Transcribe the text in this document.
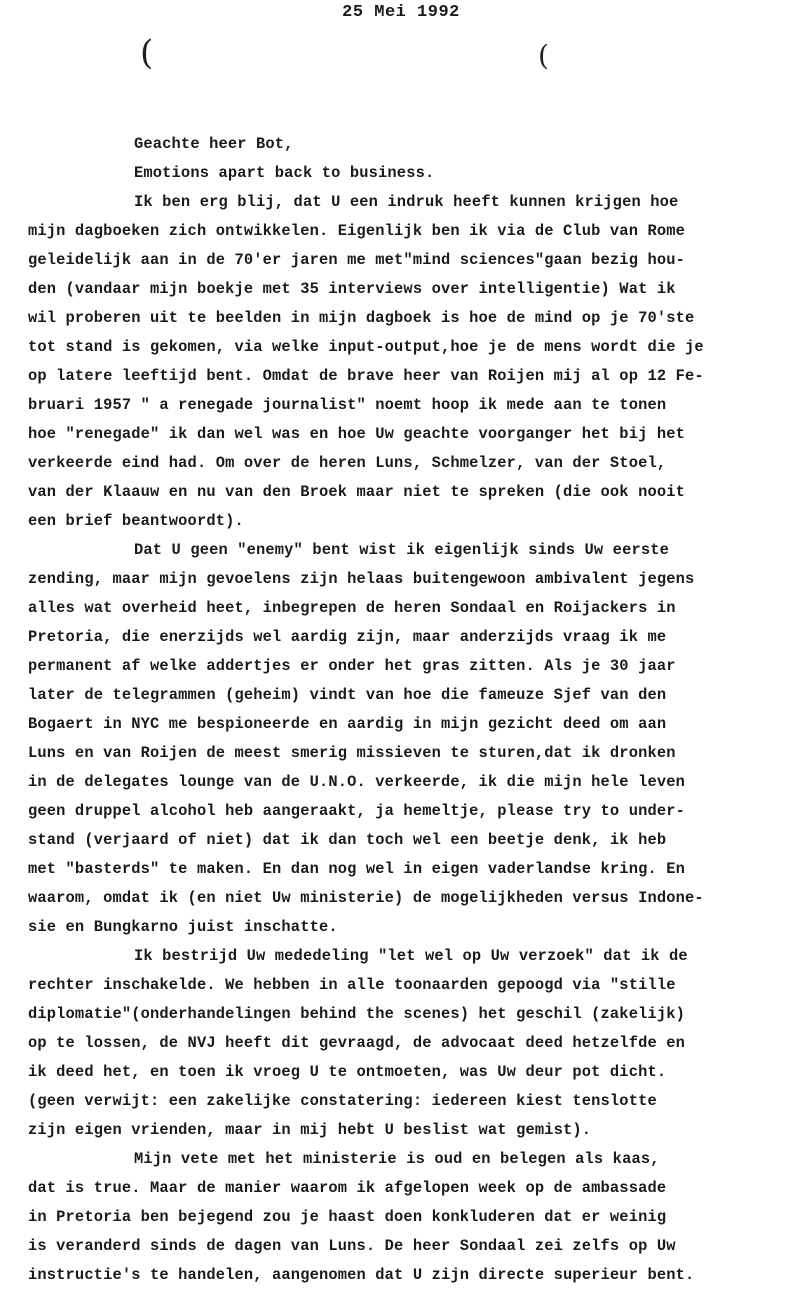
25 Mei 1992
(	(
Geachte heer Bot,
Emotions apart back to business.
Ik ben erg blij, dat U een indruk heeft kunnen krijgen hoe
mijn dagboeken zich ontwikkelen. Eigenlijk ben ik via de Club van Rome
geleidelijk aan in de 70'er jaren me met"mind sciences"gaan bezig hou-
den (vandaar mijn boekje met 35 interviews over intelligentie) Wat ik
wil proberen uit te beelden in mijn dagboek is hoe de mind op je 70'ste
tot stand is gekomen, via welke input-output,hoe je de mens wordt die je
op latere leeftijd bent. Omdat de brave heer van Roijen mij al op 12 Fe-
bruari 1957 " a renegade journalist" noemt hoop ik mede aan te tonen
hoe "renegade" ik dan wel was en hoe Uw geachte voorganger het bij het
verkeerde eind had. Om over de heren Luns, Schmelzer, van der Stoel,
van der Klaauw en nu van den Broek maar niet te spreken (die ook nooit
een brief beantwoordt).
Dat U geen "enemy" bent wist ik eigenlijk sinds Uw eerste
zending, maar mijn gevoelens zijn helaas buitengewoon ambivalent jegens
alles wat overheid heet, inbegrepen de heren Sondaal en Roijackers in
Pretoria, die enerzijds wel aardig zijn, maar anderzijds vraag ik me
permanent af welke addertjes er onder het gras zitten. Als je 30 jaar
later de telegrammen (geheim) vindt van hoe die fameuze Sjef van den
Bogaert in NYC me bespioneerde en aardig in mijn gezicht deed om aan
Luns en van Roijen de meest smerig missieven te sturen,dat ik dronken
in de delegates lounge van de U.N.O. verkeerde, ik die mijn hele leven
geen druppel alcohol heb aangeraakt, ja hemeltje, please try to under-
stand (verjaard of niet) dat ik dan toch wel een beetje denk, ik heb
met "basterds" te maken. En dan nog wel in eigen vaderlandse kring. En
waarom, omdat ik (en niet Uw ministerie) de mogelijkheden versus Indone-
sie en Bungkarno juist inschatte.
Ik bestrijd Uw mededeling "let wel op Uw verzoek" dat ik de
rechter inschakelde. We hebben in alle toonaarden gepoogd via "stille
diplomatie"(onderhandelingen behind the scenes) het geschil (zakelijk)
op te lossen, de NVJ heeft dit gevraagd, de advocaat deed hetzelfde en
ik deed het, en toen ik vroeg U te ontmoeten, was Uw deur pot dicht.
(geen verwijt: een zakelijke constatering: iedereen kiest tenslotte
zijn eigen vrienden, maar in mij hebt U beslist wat gemist).
Mijn vete met het ministerie is oud en belegen als kaas,
dat is true. Maar de manier waarom ik afgelopen week op de ambassade
in Pretoria ben bejegend zou je haast doen konkluderen dat er weinig
is veranderd sinds de dagen van Luns. De heer Sondaal zei zelfs op Uw
instructie's te handelen, aangenomen dat U zijn directe superieur bent.
